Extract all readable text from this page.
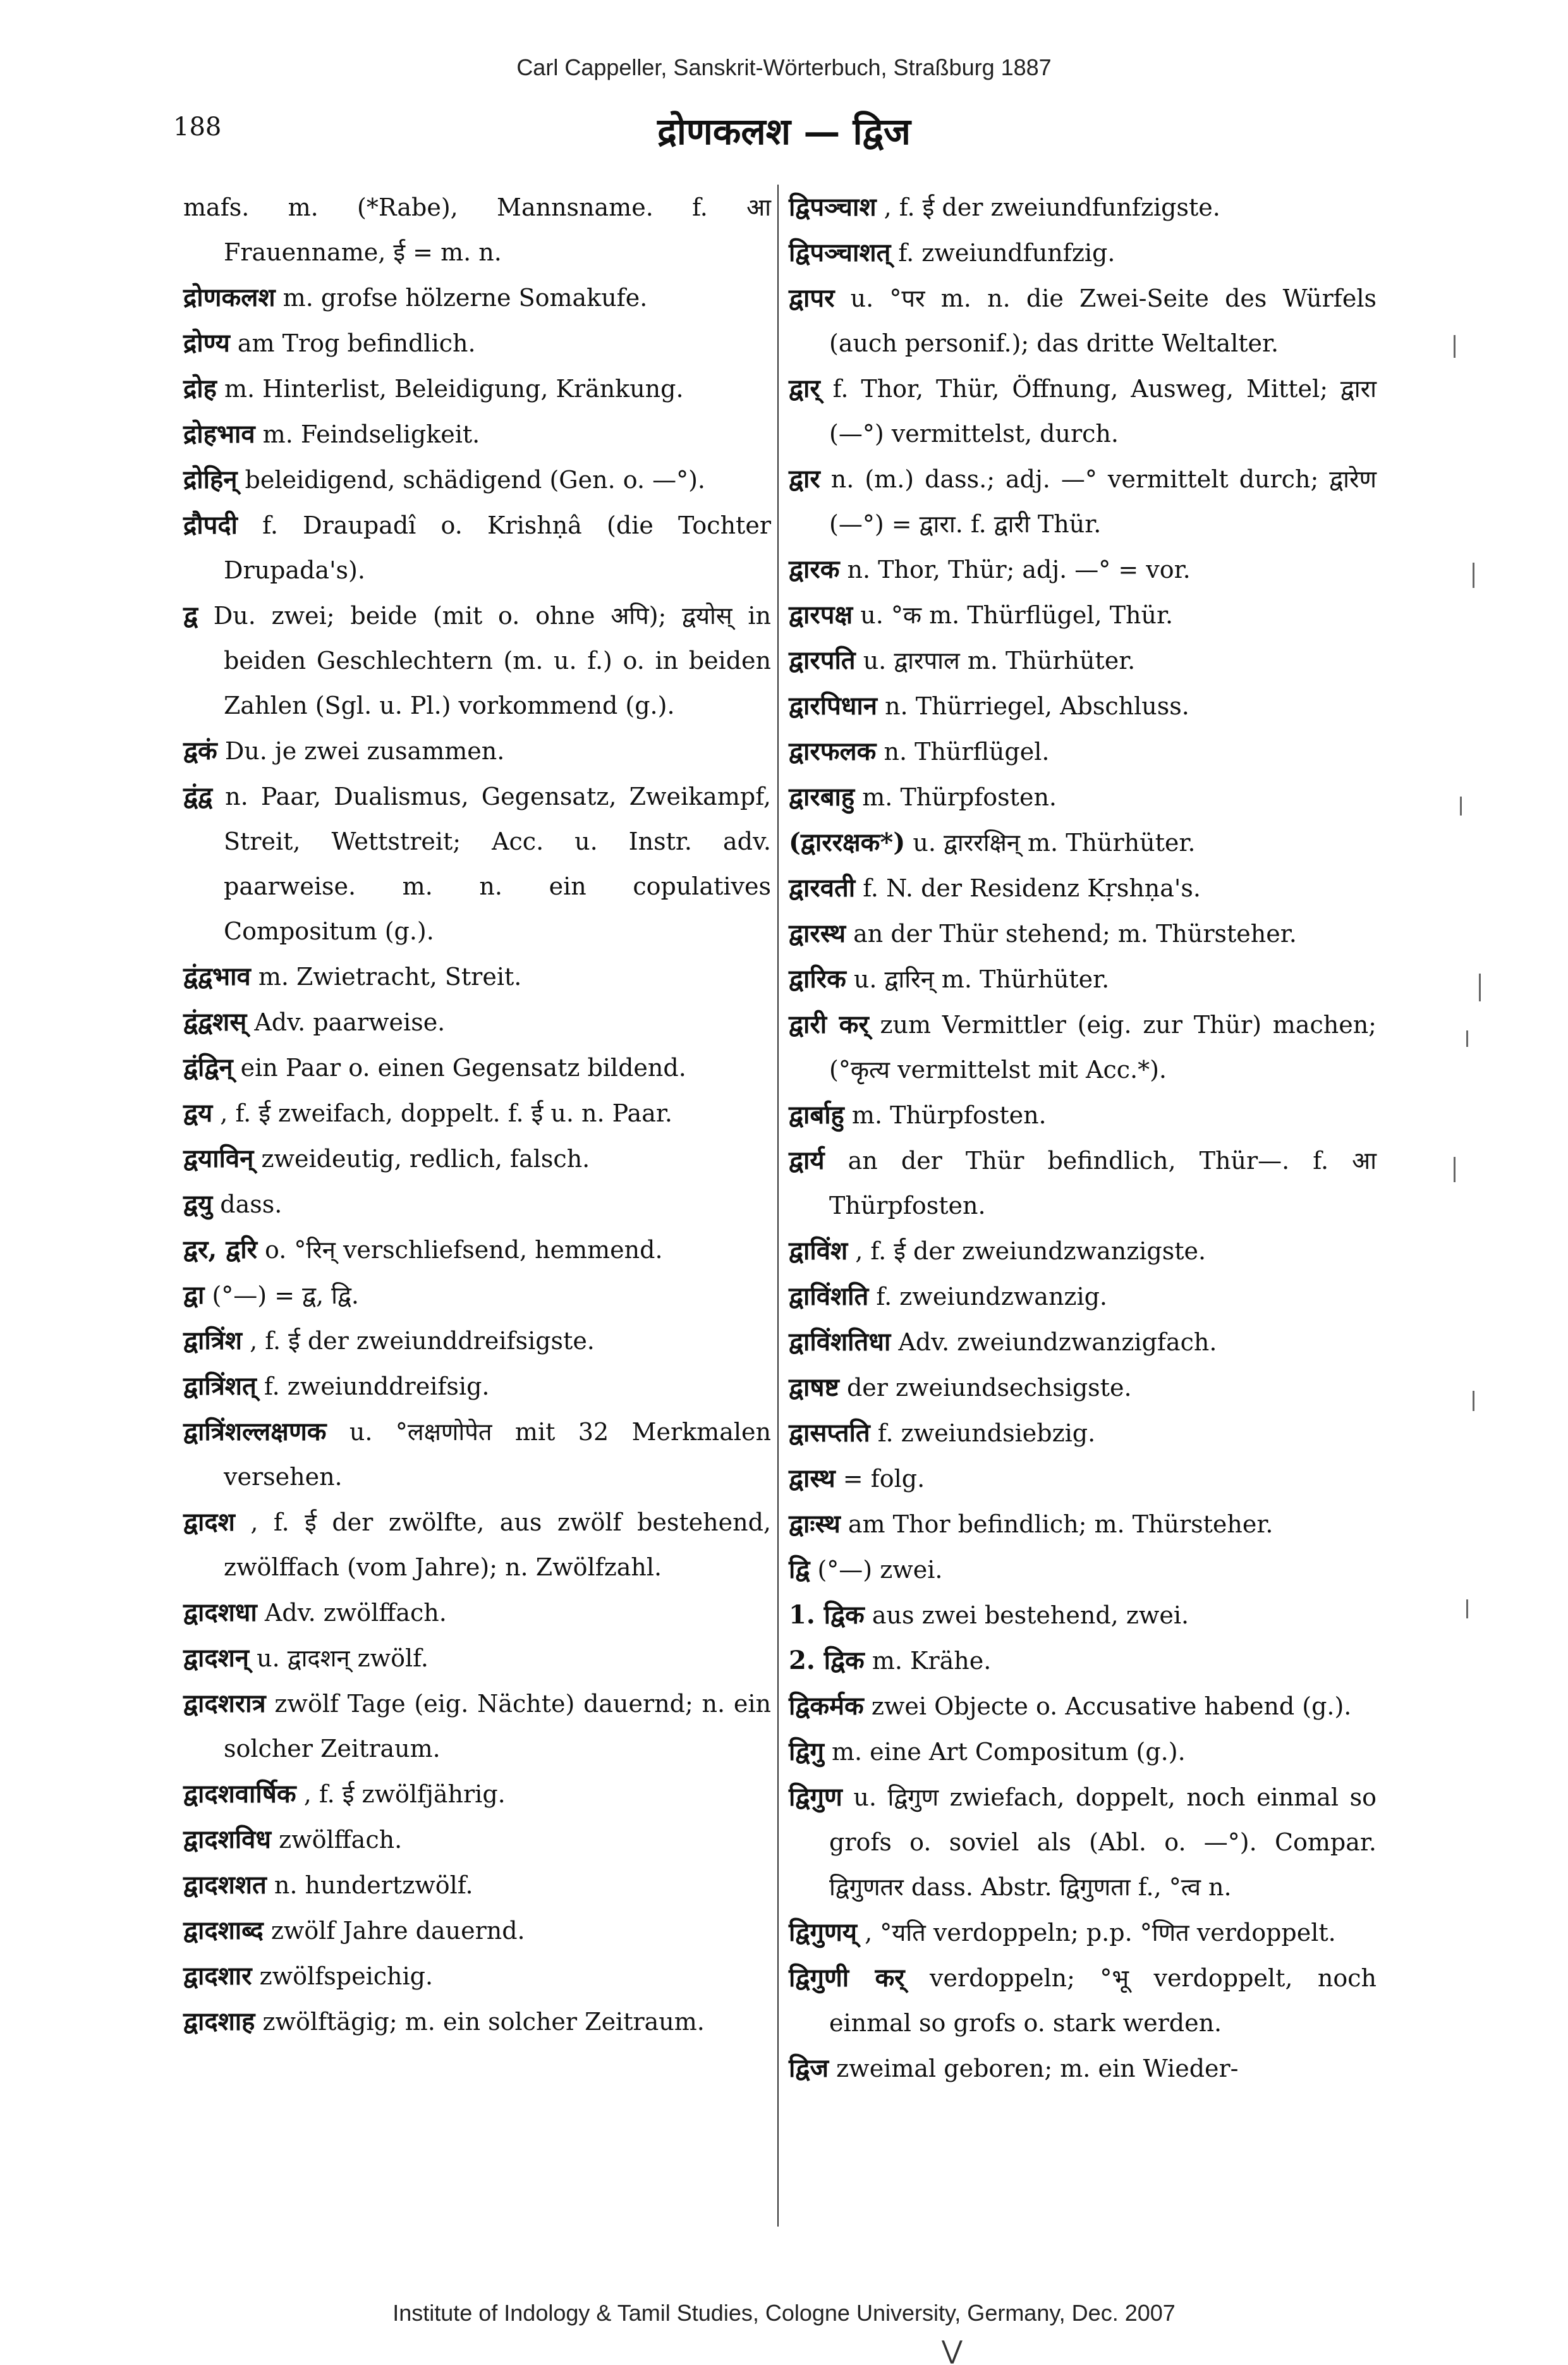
Carl Cappeller, Sanskrit-Wörterbuch, Straßburg 1887
188	द्रोणकलश — द्विज

mafs. m. (*Rabe), Mannsname. f. आ Frauenname, ई = m. n.

द्रोणकलश m. grofse hölzerne Somakufe.

द्रोण्य am Trog befindlich.

द्रोह m. Hinterlist, Beleidigung, Kränkung.

द्रोहभाव m. Feindseligkeit.

द्रोहिन् beleidigend, schädigend (Gen. o. —°).

द्रौपदी f. Draupadî o. Krishṇâ (die Tochter Drupada's).

द्व Du. zwei; beide (mit o. ohne अपि); द्वयोस् in beiden Geschlechtern (m. u. f.) o. in beiden Zahlen (Sgl. u. Pl.) vorkommend (g.).

द्वकं Du. je zwei zusammen.

द्वंद्व n. Paar, Dualismus, Gegensatz, Zweikampf, Streit, Wettstreit; Acc. u. Instr. adv. paarweise. m. n. ein copulatives Compositum (g.).

द्वंद्वभाव m. Zwietracht, Streit.

द्वंद्वशस् Adv. paarweise.

द्वंद्विन् ein Paar o. einen Gegensatz bildend.

द्वय , f. ई zweifach, doppelt. f. ई u. n. Paar.

द्वयाविन् zweideutig, redlich, falsch.

द्वयु dass.

द्वर, द्वरि o. °रिन् verschliefsend, hemmend.

द्वा (°—) = द्व, द्वि.

द्वात्रिंश , f. ई der zweiunddreifsigste.

द्वात्रिंशत् f. zweiunddreifsig.

द्वात्रिंशल्लक्षणक u. °लक्षणोपेत mit 32 Merkmalen versehen.

द्वादश , f. ई der zwölfte, aus zwölf bestehend, zwölffach (vom Jahre); n. Zwölfzahl.

द्वादशधा Adv. zwölffach.

द्वादशन् u. द्वादशन् zwölf.

द्वादशरात्र zwölf Tage (eig. Nächte) dauernd; n. ein solcher Zeitraum.

द्वादशवार्षिक , f. ई zwölfjährig.

द्वादशविध zwölffach.

द्वादशशत n. hundertzwölf.

द्वादशाब्द zwölf Jahre dauernd.

द्वादशार zwölfspeichig.

द्वादशाह zwölftägig; m. ein solcher Zeitraum.

द्विपञ्चाश , f. ई der zweiundfunfzigste.

द्विपञ्चाशत् f. zweiundfunfzig.

द्वापर u. °पर m. n. die Zwei-Seite des Würfels (auch personif.); das dritte Weltalter.

द्वार् f. Thor, Thür, Öffnung, Ausweg, Mittel; द्वारा (—°) vermittelst, durch.

द्वार n. (m.) dass.; adj. —° vermittelt durch; द्वारेण (—°) = द्वारा. f. द्वारी Thür.

द्वारक n. Thor, Thür; adj. —° = vor.

द्वारपक्ष u. °क m. Thürflügel, Thür.

द्वारपति u. द्वारपाल m. Thürhüter.

द्वारपिधान n. Thürriegel, Abschluss.

द्वारफलक n. Thürflügel.

द्वारबाहु m. Thürpfosten.

(द्वाररक्षक*) u. द्वाररक्षिन् m. Thürhüter.

द्वारवती f. N. der Residenz Kṛshṇa's.

द्वारस्थ an der Thür stehend; m. Thürsteher.

द्वारिक u. द्वारिन् m. Thürhüter.

द्वारी कर् zum Vermittler (eig. zur Thür) machen; (°कृत्य vermittelst mit Acc.*).

द्वार्बाहु m. Thürpfosten.

द्वार्य an der Thür befindlich, Thür—. f. आ Thürpfosten.

द्वाविंश , f. ई der zweiundzwanzigste.

द्वाविंशति f. zweiundzwanzig.

द्वाविंशतिधा Adv. zweiundzwanzigfach.

द्वाषष्ट der zweiundsechsigste.

द्वासप्तति f. zweiundsiebzig.

द्वास्थ = folg.

द्वाःस्थ am Thor befindlich; m. Thürsteher.

द्वि (°—) zwei.

1. द्विक aus zwei bestehend, zwei.

2. द्विक m. Krähe.

द्विकर्मक zwei Objecte o. Accusative habend (g.).

द्विगु m. eine Art Compositum (g.).

द्विगुण u. द्विगुण zwiefach, doppelt, noch einmal so grofs o. soviel als (Abl. o. —°). Compar. द्विगुणतर dass. Abstr. द्विगुणता f., °त्व n.

द्विगुणय् , °यति verdoppeln; p.p. °णित verdoppelt.

द्विगुणी कर् verdoppeln; °भू verdoppelt, noch einmal so grofs o. stark werden.

द्विज zweimal geboren; m. ein Wieder-

Institute of Indology & Tamil Studies, Cologne University, Germany, Dec. 2007
⋁
